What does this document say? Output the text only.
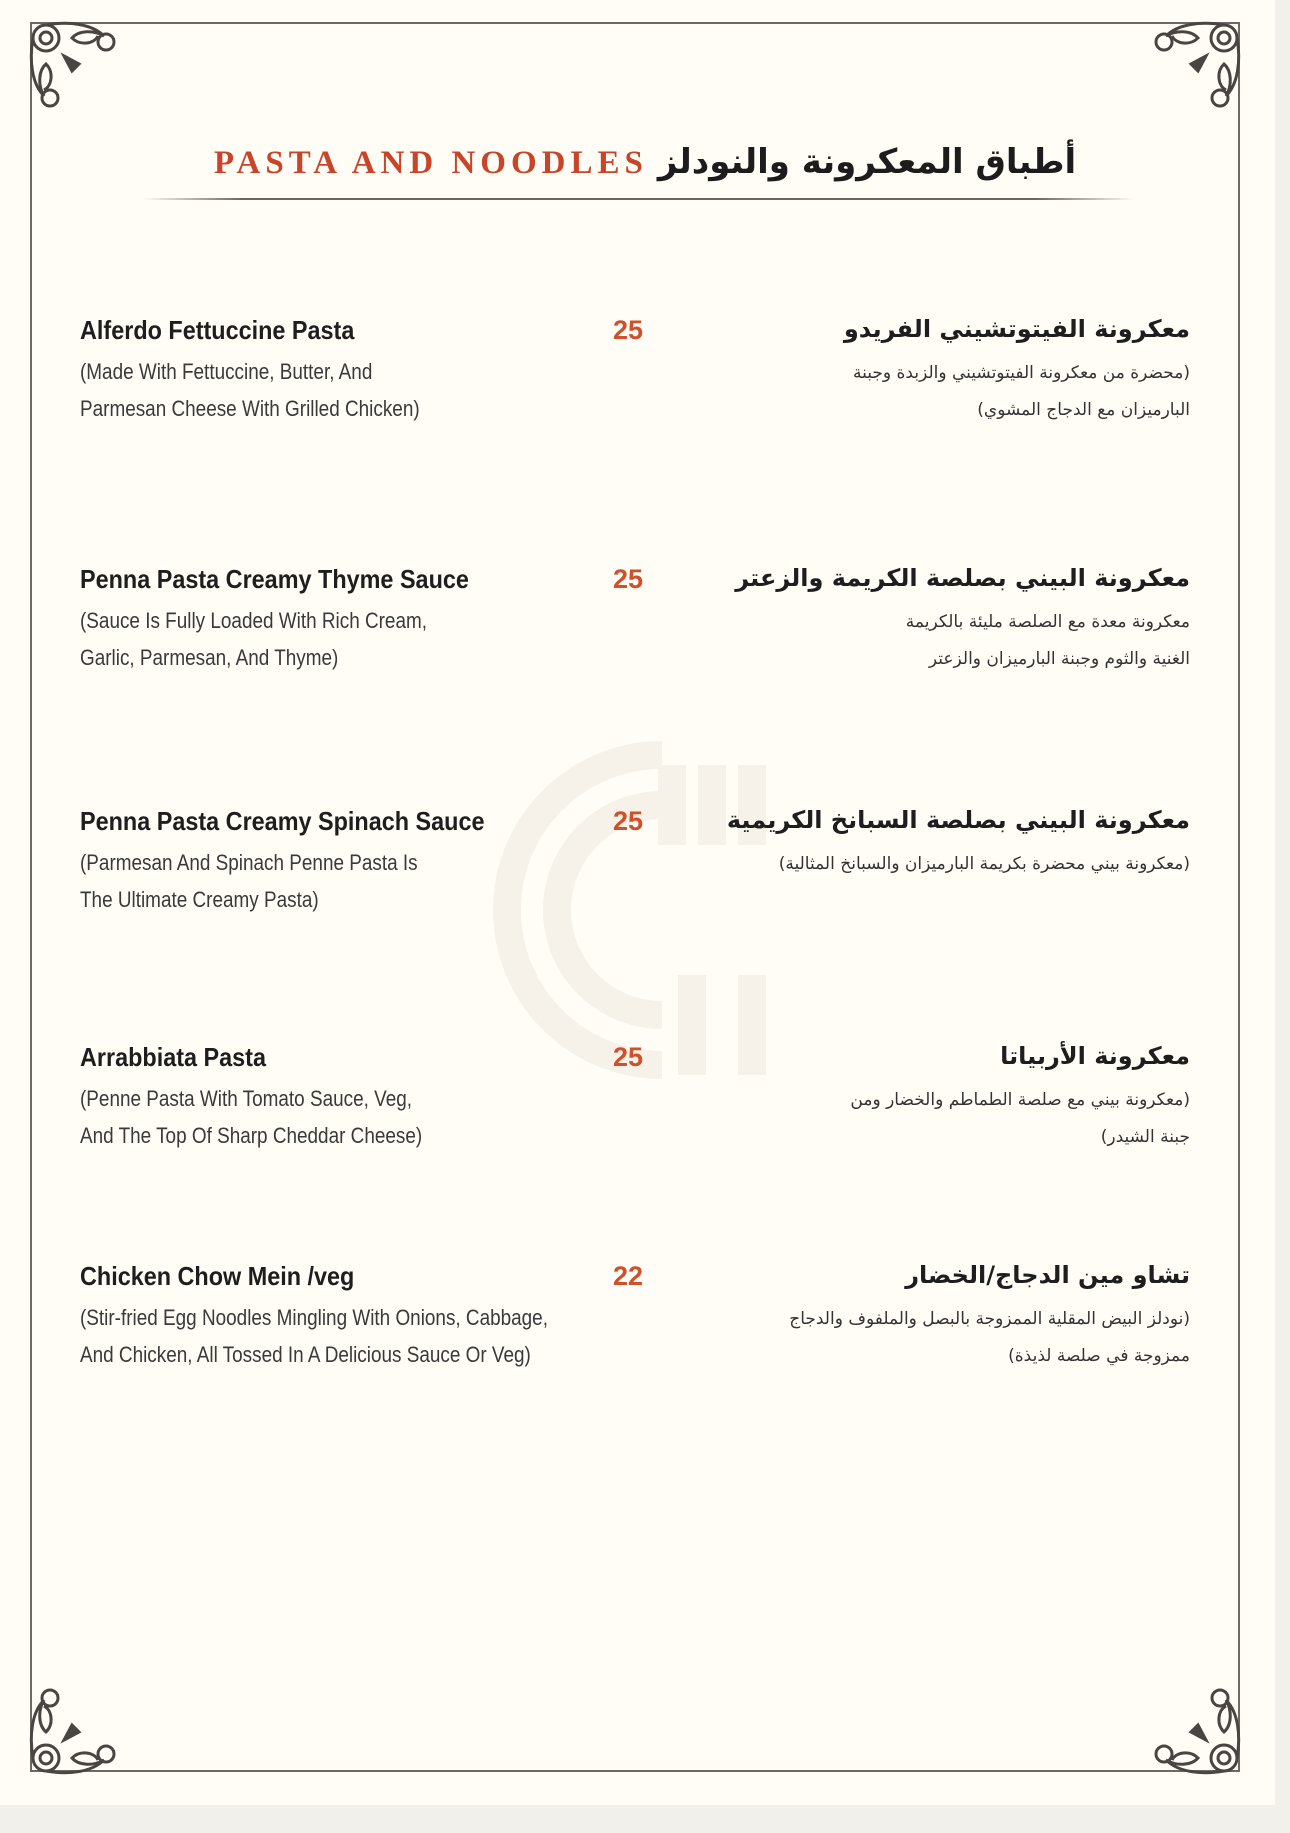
PASTA AND NOODLES أطباق المعكرونة والنودلز
Alferdo Fettuccine Pasta
(Made With Fettuccine, Butter, And
Parmesan Cheese With Grilled Chicken)
25	معكرونة الفيتوتشيني الفريدو
(محضرة من معكرونة الفيتوتشيني والزبدة وجبنة
البارميزان مع الدجاج المشوي)
Penna Pasta Creamy Thyme Sauce
(Sauce Is Fully Loaded With Rich Cream,
Garlic, Parmesan, And Thyme)
25	معكرونة البيني بصلصة الكريمة والزعتر
معكرونة معدة مع الصلصة مليئة بالكريمة
الغنية والثوم وجبنة البارميزان والزعتر
Penna Pasta Creamy Spinach Sauce
(Parmesan And Spinach Penne Pasta Is
The Ultimate Creamy Pasta)
25	معكرونة البيني بصلصة السبانخ الكريمية
(معكرونة بيني محضرة بكريمة البارميزان والسبانخ المثالية)
Arrabbiata Pasta
(Penne Pasta With Tomato Sauce, Veg,
And The Top Of Sharp Cheddar Cheese)
25	معكرونة الأربياتا
(معكرونة بيني مع صلصة الطماطم والخضار ومن
جبنة الشيدر)
Chicken Chow Mein /veg
(Stir-fried Egg Noodles Mingling With Onions, Cabbage,
And Chicken, All Tossed In A Delicious Sauce Or Veg)
22	تشاو مين الدجاج/الخضار
(نودلز البيض المقلية الممزوجة بالبصل والملفوف والدجاج
ممزوجة في صلصة لذيذة)
